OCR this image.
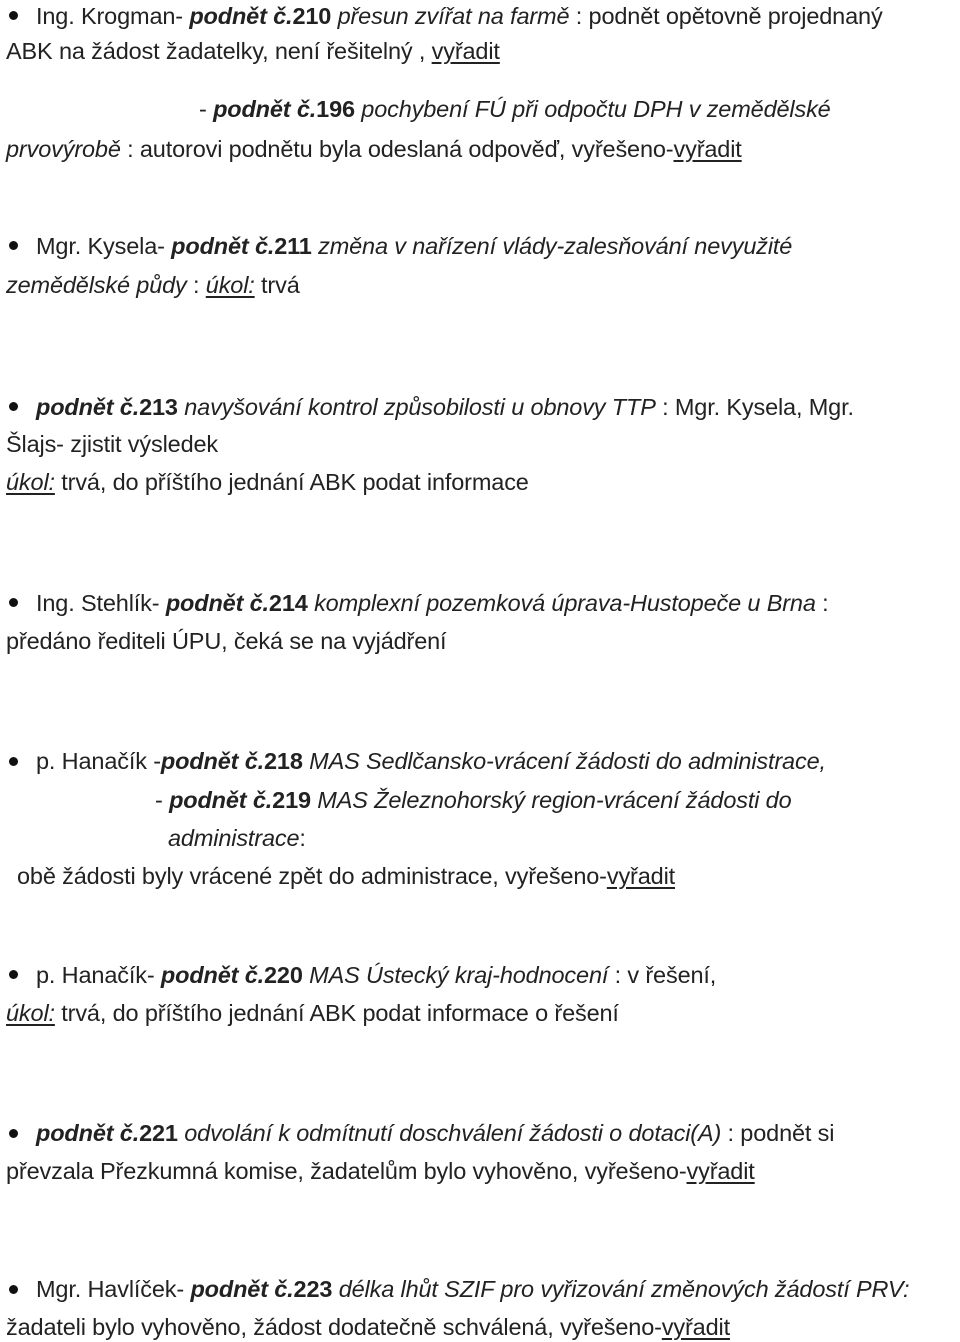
Ing. Krogman- podnět č.210 přesun zvířat na farmě : podnět opětovně projednaný
ABK na žádost žadatelky, není řešitelný , vyřadit
- podnět č.196 pochybení FÚ při odpočtu DPH v zemědělské
prvovýrobě : autorovi podnětu byla odeslaná odpověď, vyřešeno-vyřadit
Mgr. Kysela- podnět č.211 změna v nařízení vlády-zalesňování nevyužité
zemědělské půdy : úkol: trvá
podnět č.213 navyšování kontrol způsobilosti u obnovy TTP : Mgr. Kysela, Mgr.
Šlajs- zjistit výsledek
úkol: trvá, do příštího jednání ABK podat informace
Ing. Stehlík- podnět č.214 komplexní pozemková úprava-Hustopeče u Brna :
předáno řediteli ÚPU, čeká se na vyjádření
p. Hanačík -podnět č.218 MAS Sedlčansko-vrácení žádosti do administrace,
- podnět č.219 MAS Železnohorský region-vrácení žádosti do
administrace:
obě žádosti byly vrácené zpět do administrace, vyřešeno-vyřadit
p. Hanačík- podnět č.220 MAS Ústecký kraj-hodnocení : v řešení,
úkol: trvá, do příštího jednání ABK podat informace o řešení
podnět č.221 odvolání k odmítnutí doschválení žádosti o dotaci(A) : podnět si
převzala Přezkumná komise, žadatelům bylo vyhověno, vyřešeno-vyřadit
Mgr. Havlíček- podnět č.223 délka lhůt SZIF pro vyřizování změnových žádostí PRV:
žadateli bylo vyhověno, žádost dodatečně schválená, vyřešeno-vyřadit
